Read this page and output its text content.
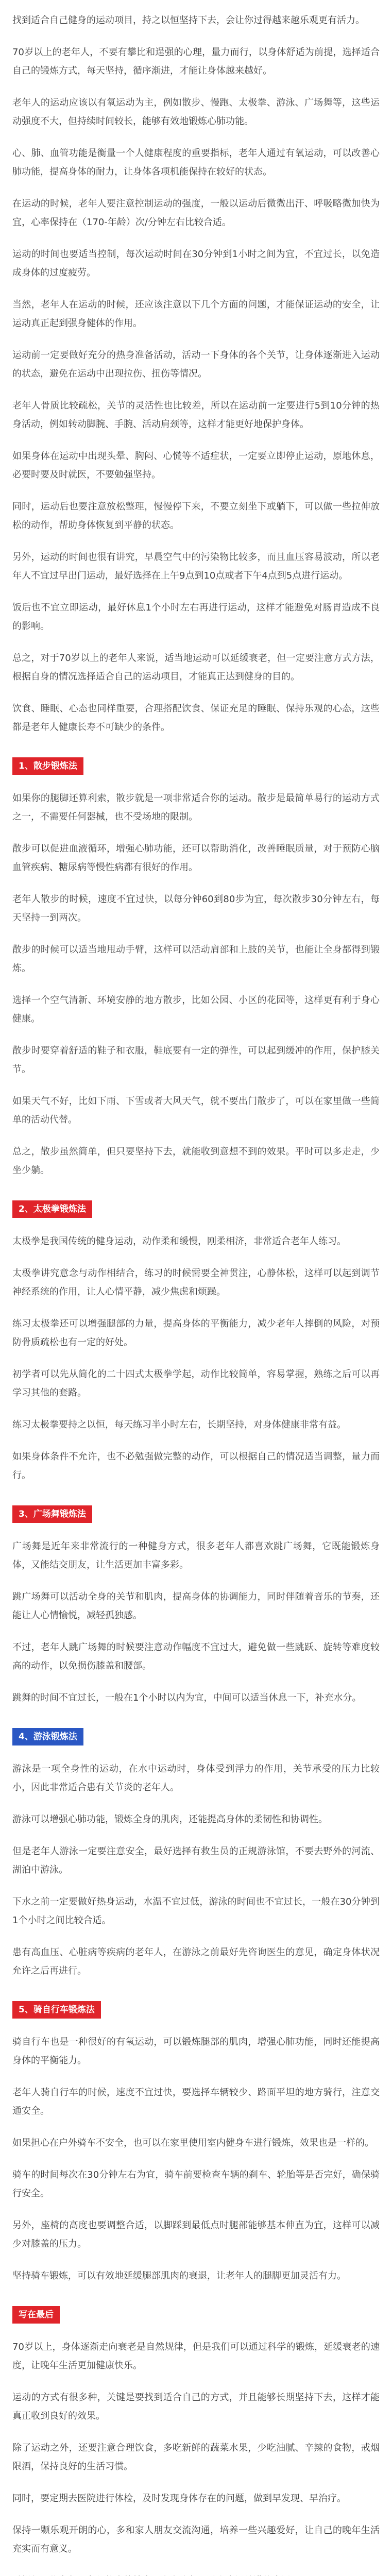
找到适合自己健身的运动项目，持之以恒坚持下去，会让你过得越来越乐观更有活力。

70岁以上的老年人，不要有攀比和逞强的心理，量力而行，以身体舒适为前提，选择适合自己的锻炼方式，每天坚持，循序渐进，才能让身体越来越好。

老年人的运动应该以有氧运动为主，例如散步、慢跑、太极拳、游泳、广场舞等，这些运动强度不大，但持续时间较长，能够有效地锻炼心肺功能。

心、肺、血管功能是衡量一个人健康程度的重要指标，老年人通过有氧运动，可以改善心肺功能，提高身体的耐力，让身体各项机能保持在较好的状态。

在运动的时候，老年人要注意控制运动的强度，一般以运动后微微出汗、呼吸略微加快为宜，心率保持在（170-年龄）次/分钟左右比较合适。

运动的时间也要适当控制，每次运动时间在30分钟到1小时之间为宜，不宜过长，以免造成身体的过度疲劳。

当然，老年人在运动的时候，还应该注意以下几个方面的问题，才能保证运动的安全，让运动真正起到强身健体的作用。

运动前一定要做好充分的热身准备活动，活动一下身体的各个关节，让身体逐渐进入运动的状态，避免在运动中出现拉伤、扭伤等情况。

老年人骨质比较疏松，关节的灵活性也比较差，所以在运动前一定要进行5到10分钟的热身活动，例如转动脚腕、手腕、活动肩颈等，这样才能更好地保护身体。

如果身体在运动中出现头晕、胸闷、心慌等不适症状，一定要立即停止运动，原地休息，必要时要及时就医，不要勉强坚持。

同时，运动后也要注意放松整理，慢慢停下来，不要立刻坐下或躺下，可以做一些拉伸放松的动作，帮助身体恢复到平静的状态。

另外，运动的时间也很有讲究，早晨空气中的污染物比较多，而且血压容易波动，所以老年人不宜过早出门运动，最好选择在上午9点到10点或者下午4点到5点进行运动。

饭后也不宜立即运动，最好休息1个小时左右再进行运动，这样才能避免对肠胃造成不良的影响。

总之，对于70岁以上的老年人来说，适当地运动可以延缓衰老，但一定要注意方式方法，根据自身的情况选择适合自己的运动项目，才能真正达到健身的目的。

饮食、睡眠、心态也同样重要，合理搭配饮食、保证充足的睡眠、保持乐观的心态，这些都是老年人健康长寿不可缺少的条件。

1、散步锻炼法

如果你的腿脚还算利索，散步就是一项非常适合你的运动。散步是最简单易行的运动方式之一，不需要任何器械，也不受场地的限制。

散步可以促进血液循环，增强心肺功能，还可以帮助消化，改善睡眠质量，对于预防心脑血管疾病、糖尿病等慢性病都有很好的作用。

老年人散步的时候，速度不宜过快，以每分钟60到80步为宜，每次散步30分钟左右，每天坚持一到两次。

散步的时候可以适当地甩动手臂，这样可以活动肩部和上肢的关节，也能让全身都得到锻炼。

选择一个空气清新、环境安静的地方散步，比如公园、小区的花园等，这样更有利于身心健康。

散步时要穿着舒适的鞋子和衣服，鞋底要有一定的弹性，可以起到缓冲的作用，保护膝关节。

如果天气不好，比如下雨、下雪或者大风天气，就不要出门散步了，可以在家里做一些简单的活动代替。

总之，散步虽然简单，但只要坚持下去，就能收到意想不到的效果。平时可以多走走，少坐少躺。

2、太极拳锻炼法

太极拳是我国传统的健身运动，动作柔和缓慢，刚柔相济，非常适合老年人练习。

太极拳讲究意念与动作相结合，练习的时候需要全神贯注，心静体松，这样可以起到调节神经系统的作用，让人心情平静，减少焦虑和烦躁。

练习太极拳还可以增强腿部的力量，提高身体的平衡能力，减少老年人摔倒的风险，对预防骨质疏松也有一定的好处。

初学者可以先从简化的二十四式太极拳学起，动作比较简单，容易掌握，熟练之后可以再学习其他的套路。

练习太极拳要持之以恒，每天练习半小时左右，长期坚持，对身体健康非常有益。

如果身体条件不允许，也不必勉强做完整的动作，可以根据自己的情况适当调整，量力而行。

3、广场舞锻炼法

广场舞是近年来非常流行的一种健身方式，很多老年人都喜欢跳广场舞，它既能锻炼身体，又能结交朋友，让生活更加丰富多彩。

跳广场舞可以活动全身的关节和肌肉，提高身体的协调能力，同时伴随着音乐的节奏，还能让人心情愉悦，减轻孤独感。

不过，老年人跳广场舞的时候要注意动作幅度不宜过大，避免做一些跳跃、旋转等难度较高的动作，以免损伤膝盖和腰部。

跳舞的时间不宜过长，一般在1个小时以内为宜，中间可以适当休息一下，补充水分。

4、游泳锻炼法

游泳是一项全身性的运动，在水中运动时，身体受到浮力的作用，关节承受的压力比较小，因此非常适合患有关节炎的老年人。

游泳可以增强心肺功能，锻炼全身的肌肉，还能提高身体的柔韧性和协调性。

但是老年人游泳一定要注意安全，最好选择有救生员的正规游泳馆，不要去野外的河流、湖泊中游泳。

下水之前一定要做好热身运动，水温不宜过低，游泳的时间也不宜过长，一般在30分钟到1个小时之间比较合适。

患有高血压、心脏病等疾病的老年人，在游泳之前最好先咨询医生的意见，确定身体状况允许之后再进行。

5、骑自行车锻炼法

骑自行车也是一种很好的有氧运动，可以锻炼腿部的肌肉，增强心肺功能，同时还能提高身体的平衡能力。

老年人骑自行车的时候，速度不宜过快，要选择车辆较少、路面平坦的地方骑行，注意交通安全。

如果担心在户外骑车不安全，也可以在家里使用室内健身车进行锻炼，效果也是一样的。

骑车的时间每次在30分钟左右为宜，骑车前要检查车辆的刹车、轮胎等是否完好，确保骑行安全。

另外，座椅的高度也要调整合适，以脚踩到最低点时腿部能够基本伸直为宜，这样可以减少对膝盖的压力。

坚持骑车锻炼，可以有效地延缓腿部肌肉的衰退，让老年人的腿脚更加灵活有力。

写在最后

70岁以上，身体逐渐走向衰老是自然规律，但是我们可以通过科学的锻炼，延缓衰老的速度，让晚年生活更加健康快乐。

运动的方式有很多种，关键是要找到适合自己的方式，并且能够长期坚持下去，这样才能真正收到良好的效果。

除了运动之外，还要注意合理饮食，多吃新鲜的蔬菜水果，少吃油腻、辛辣的食物，戒烟限酒，保持良好的生活习惯。

同时，要定期去医院进行体检，及时发现身体存在的问题，做到早发现、早治疗。

保持一颗乐观开朗的心，多和家人朋友交流沟通，培养一些兴趣爱好，让自己的晚年生活充实而有意义。
